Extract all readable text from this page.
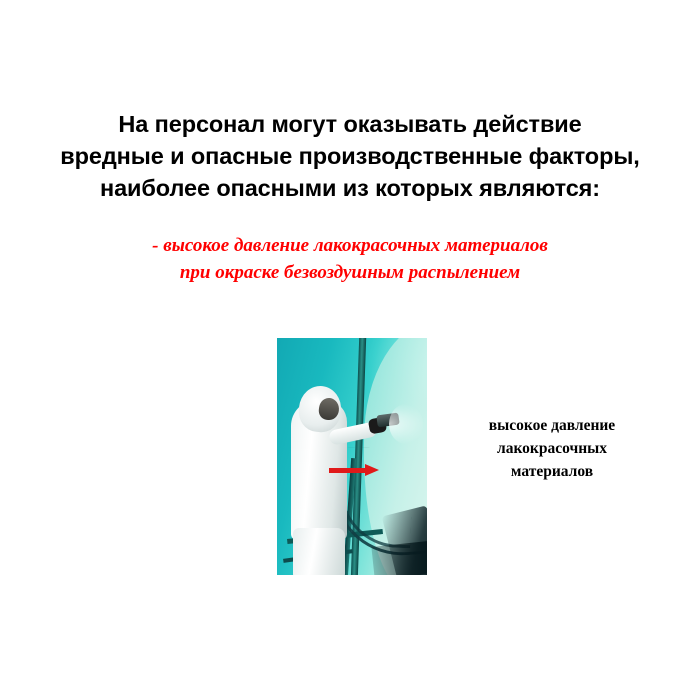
На персонал могут оказывать действие
вредные и опасные производственные факторы,
наиболее опасными из которых являются:
- высокое давление лакокрасочных материалов
при окраске безвоздушным распылением
высокое давление
лакокрасочных
материалов
